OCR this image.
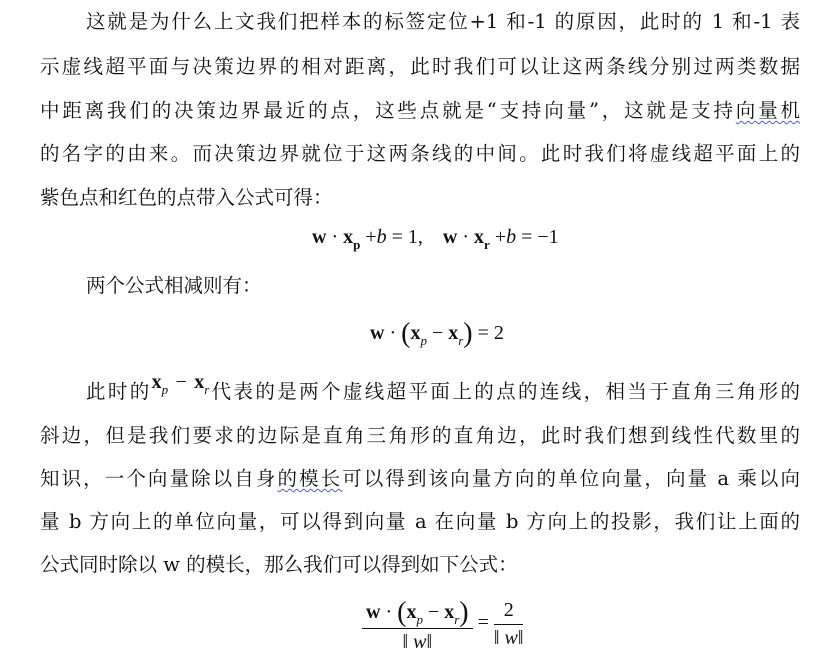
这就是为什么上文我们把样本的标签定位+1 和-1 的原因，此时的 1 和-1 表
示虚线超平面与决策边界的相对距离，此时我们可以让这两条线分别过两类数据
中距离我们的决策边界最近的点，这些点就是“支持向量”，这就是支持向量机
的名字的由来。而决策边界就位于这两条线的中间。此时我们将虚线超平面上的
紫色点和红色的点带入公式可得：
$w \cdot x_p +b = 1$, $w \cdot x_r +b = -1$
两个公式相减则有：
$w \cdot (x_p - x_r) = 2$
此时的$x_p - x_r$代表的是两个虚线超平面上的点的连线，相当于直角三角形的
斜边，但是我们要求的边际是直角三角形的直角边，此时我们想到线性代数里的
知识，一个向量除以自身的模长可以得到该向量方向的单位向量，向量 a 乘以向
量 b 方向上的单位向量，可以得到向量 a 在向量 b 方向上的投影，我们让上面的
公式同时除以 w 的模长，那么我们可以得到如下公式：
$\frac{w \cdot (x_p - x_r)}{‖ w‖} = \frac{2}{‖ w‖}$
